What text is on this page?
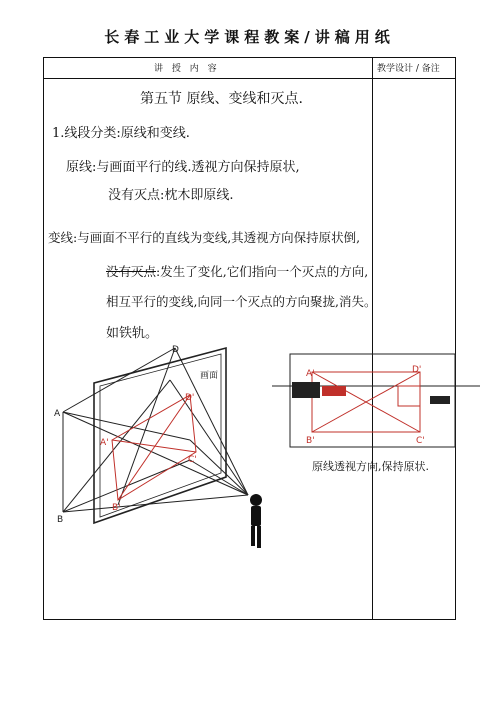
长春工业大学课程教案/讲稿用纸
讲 授 内 容	教学设计 / 备注
第五节 原线、变线和灭点.
1.线段分类:原线和变线.
原线:与画面平行的线.透视方向保持原状,
没有灭点:枕木即原线.
变线:与画面不平行的直线为变线,其透视方向保持原状倒,
没有灭点:发生了变化,它们指向一个灭点的方向,
相互平行的变线,向同一个灭点的方向聚拢,消失。
如铁轨。
A
B
D
画面
D'
A'
B'
C'
A'	D'
B'	C'
原线透视方向,保持原状.
